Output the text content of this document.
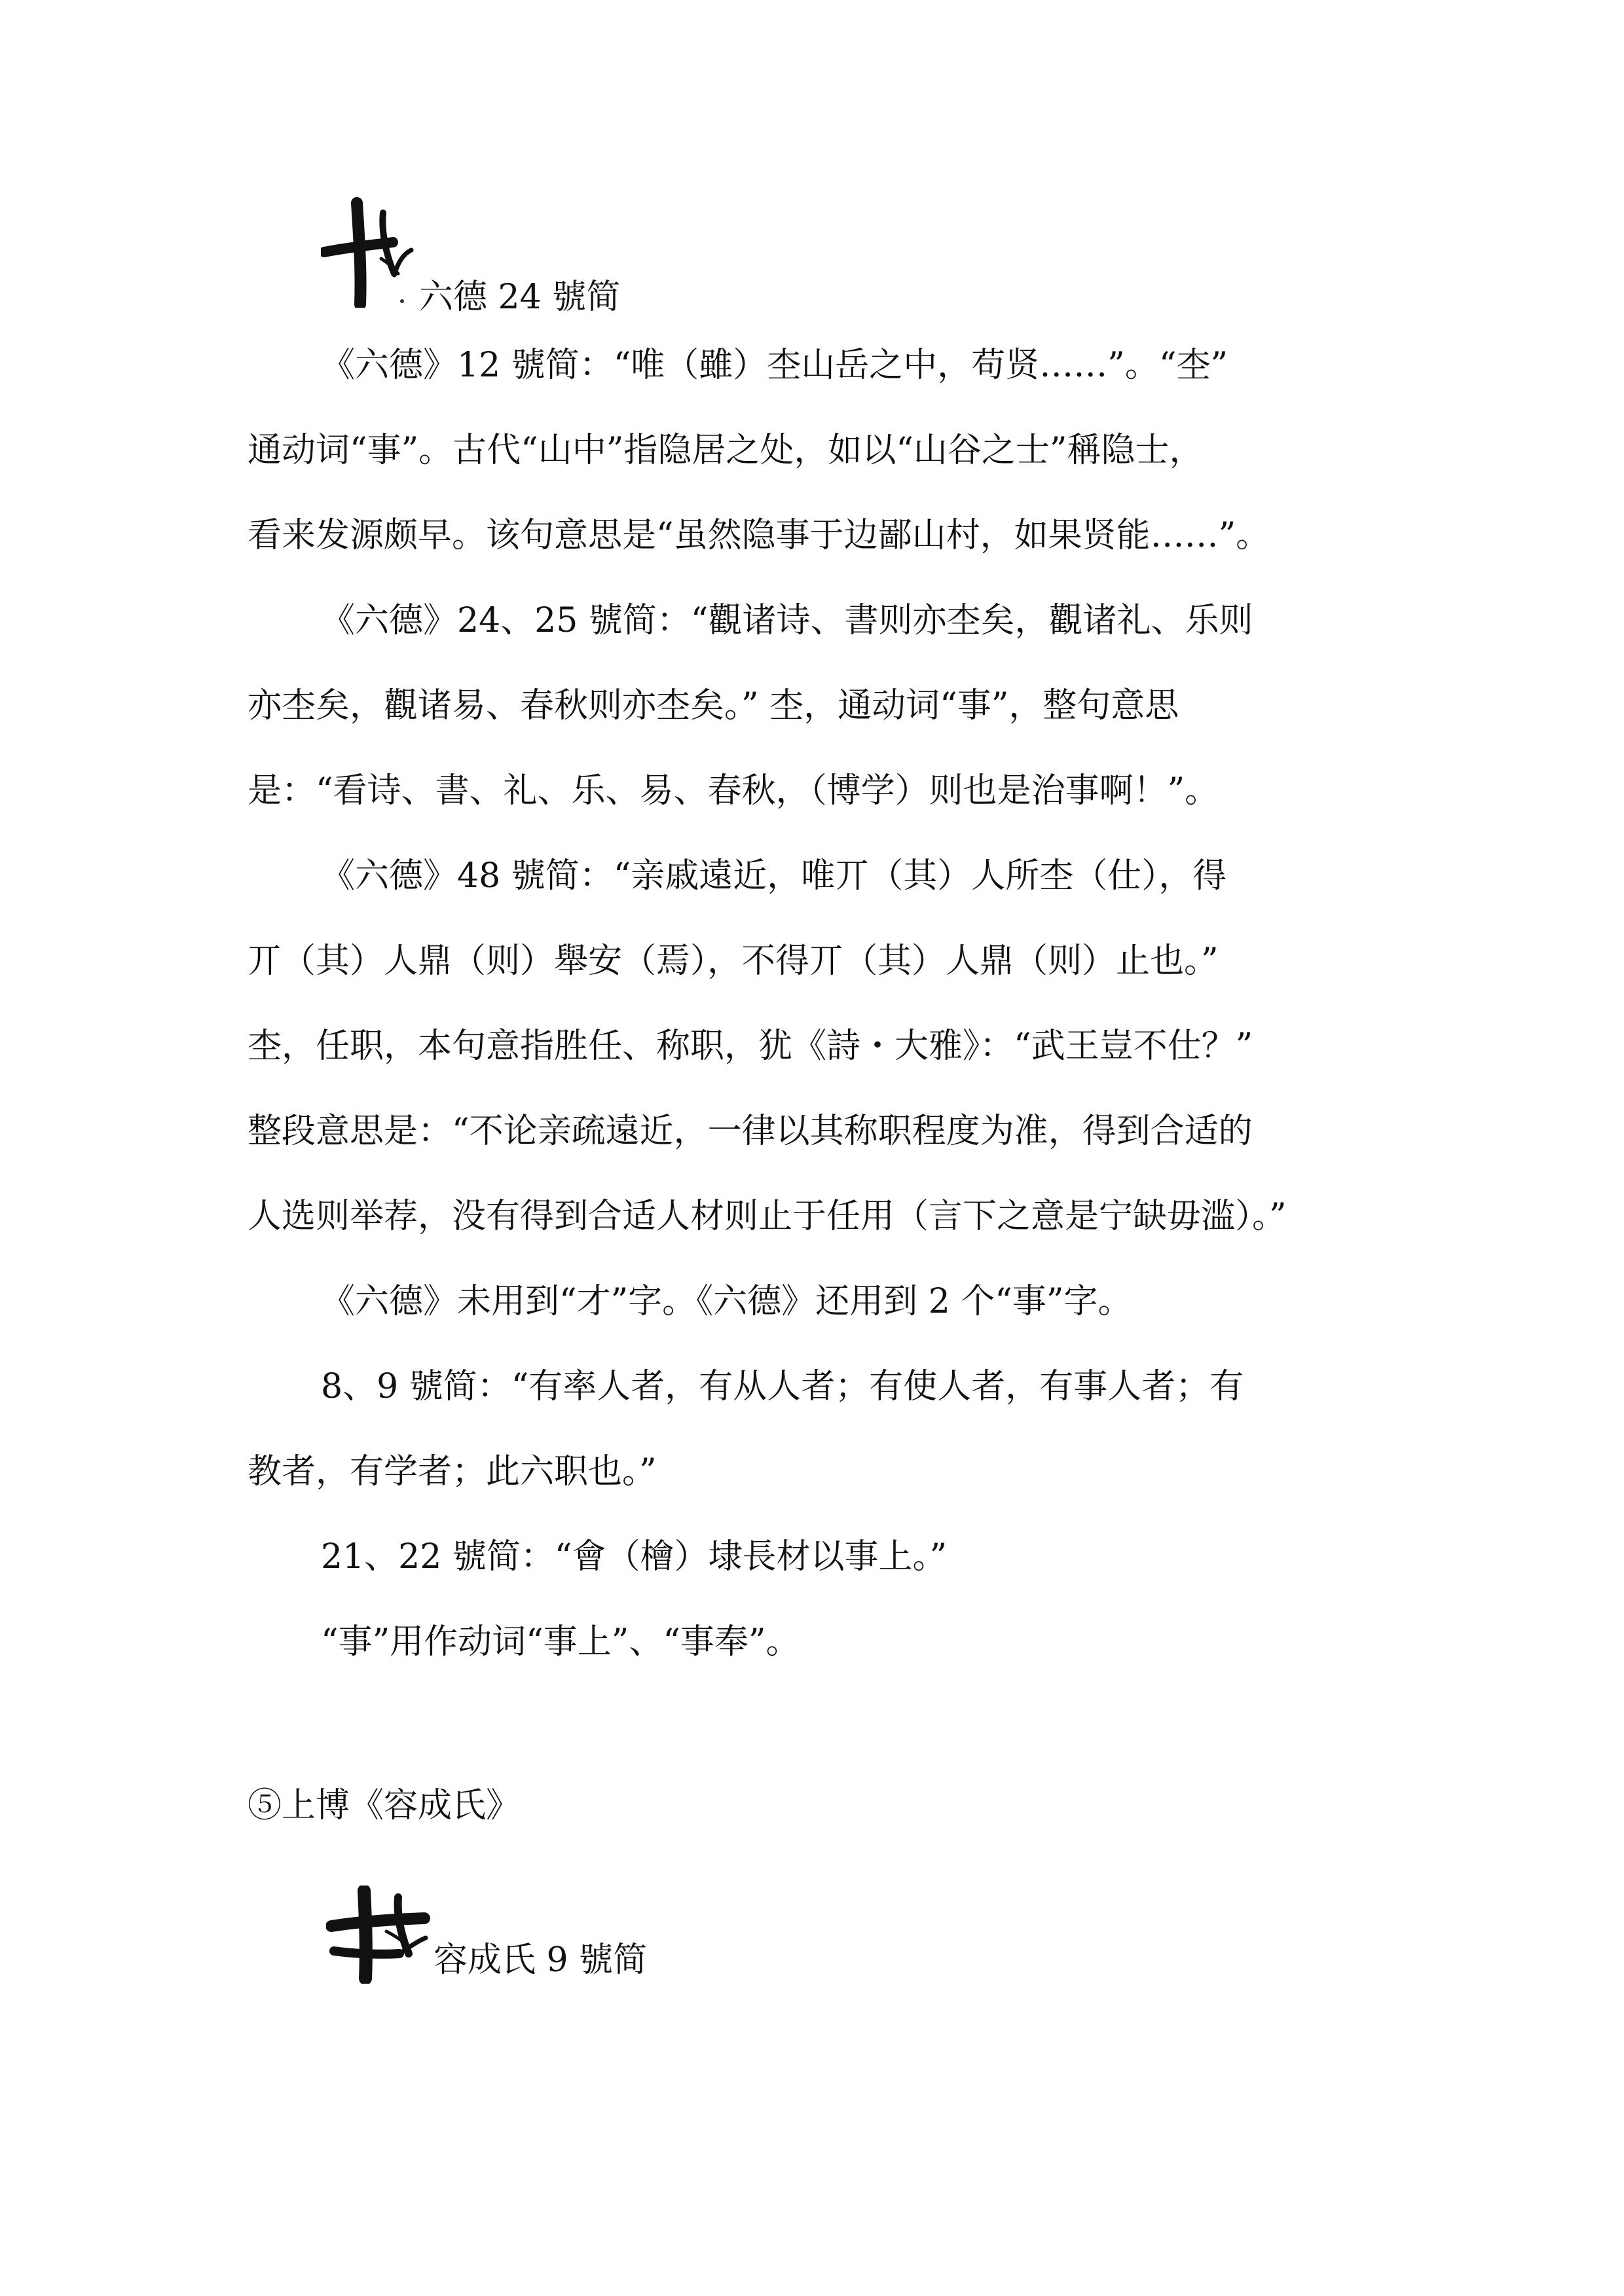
六德 24 號简
《六德》12 號简：“唯（雖）杢山岳之中，苟贤……”。“杢”
通动词“事”。古代“山中”指隐居之处，如以“山谷之士”稱隐士，
看来发源颇早。该句意思是“虽然隐事于边鄙山村，如果贤能……”。
《六德》24、25 號简：“觀诸诗、書则亦杢矣，觀诸礼、乐则
亦杢矣，觀诸易、春秋则亦杢矣。” 杢，通动词“事”，整句意思
是：“看诗、書、礼、乐、易、春秋，（博学）则也是治事啊！”。
《六德》48 號简：“亲戚遠近，唯丌（其）人所杢（仕），得
丌（其）人鼎（则）舉安（焉），不得丌（其）人鼎（则）止也。”
杢，任职，本句意指胜任、称职，犹《詩・大雅》：“武王豈不仕？”
整段意思是：“不论亲疏遠近，一律以其称职程度为准，得到合适的
人选则举荐，没有得到合适人材则止于任用（言下之意是宁缺毋滥）。”
《六德》未用到“才”字。《六德》还用到 2 个“事”字。
8、9 號简：“有率人者，有从人者；有使人者，有事人者；有
教者，有学者；此六职也。”
21、22 號简：“會（檜）埭長材以事上。”
“事”用作动词“事上”、“事奉”。
⑤上博《容成氏》
容成氏 9 號简
